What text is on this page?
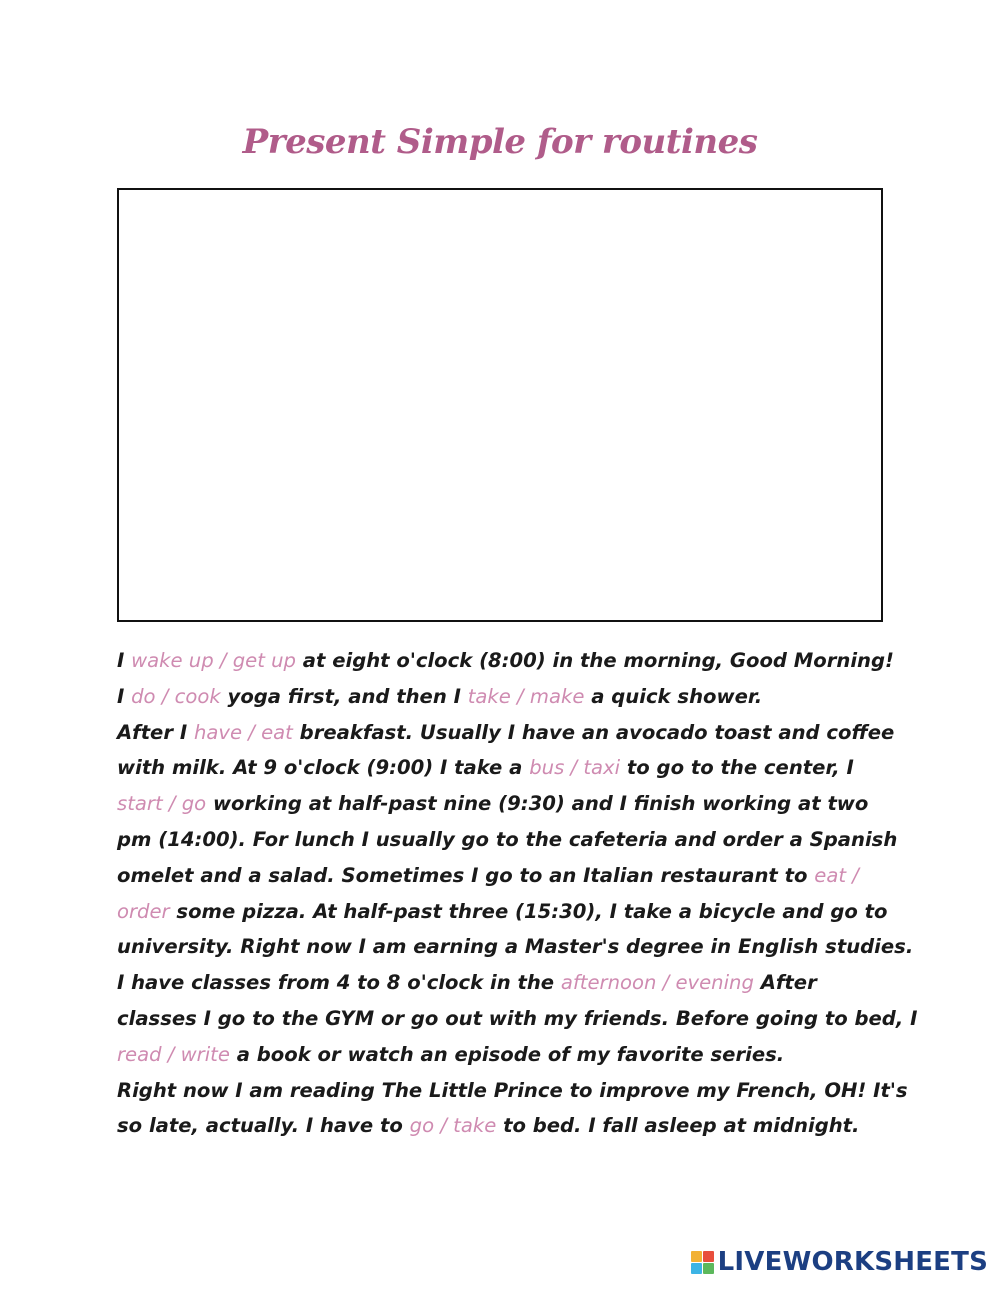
Present Simple for routines
I wake up / get up at eight o'clock (8:00) in the morning, Good Morning!
I do / cook yoga first, and then I take / make a quick shower.
After I have / eat breakfast. Usually I have an avocado toast and coffee
with milk. At 9 o'clock (9:00) I take a bus / taxi to go to the center, I
start / go working at half-past nine (9:30) and I finish working at two
pm (14:00). For lunch I usually go to the cafeteria and order a Spanish
omelet and a salad. Sometimes I go to an Italian restaurant to eat /
order some pizza. At half-past three (15:30), I take a bicycle and go to
university. Right now I am earning a Master's degree in English studies.
I have classes from 4 to 8 o'clock in the afternoon / evening After
classes I go to the GYM or go out with my friends. Before going to bed, I
read / write a book or watch an episode of my favorite series.
Right now I am reading The Little Prince to improve my French, OH! It's
so late, actually. I have to go / take to bed. I fall asleep at midnight.
LIVEWORKSHEETS
